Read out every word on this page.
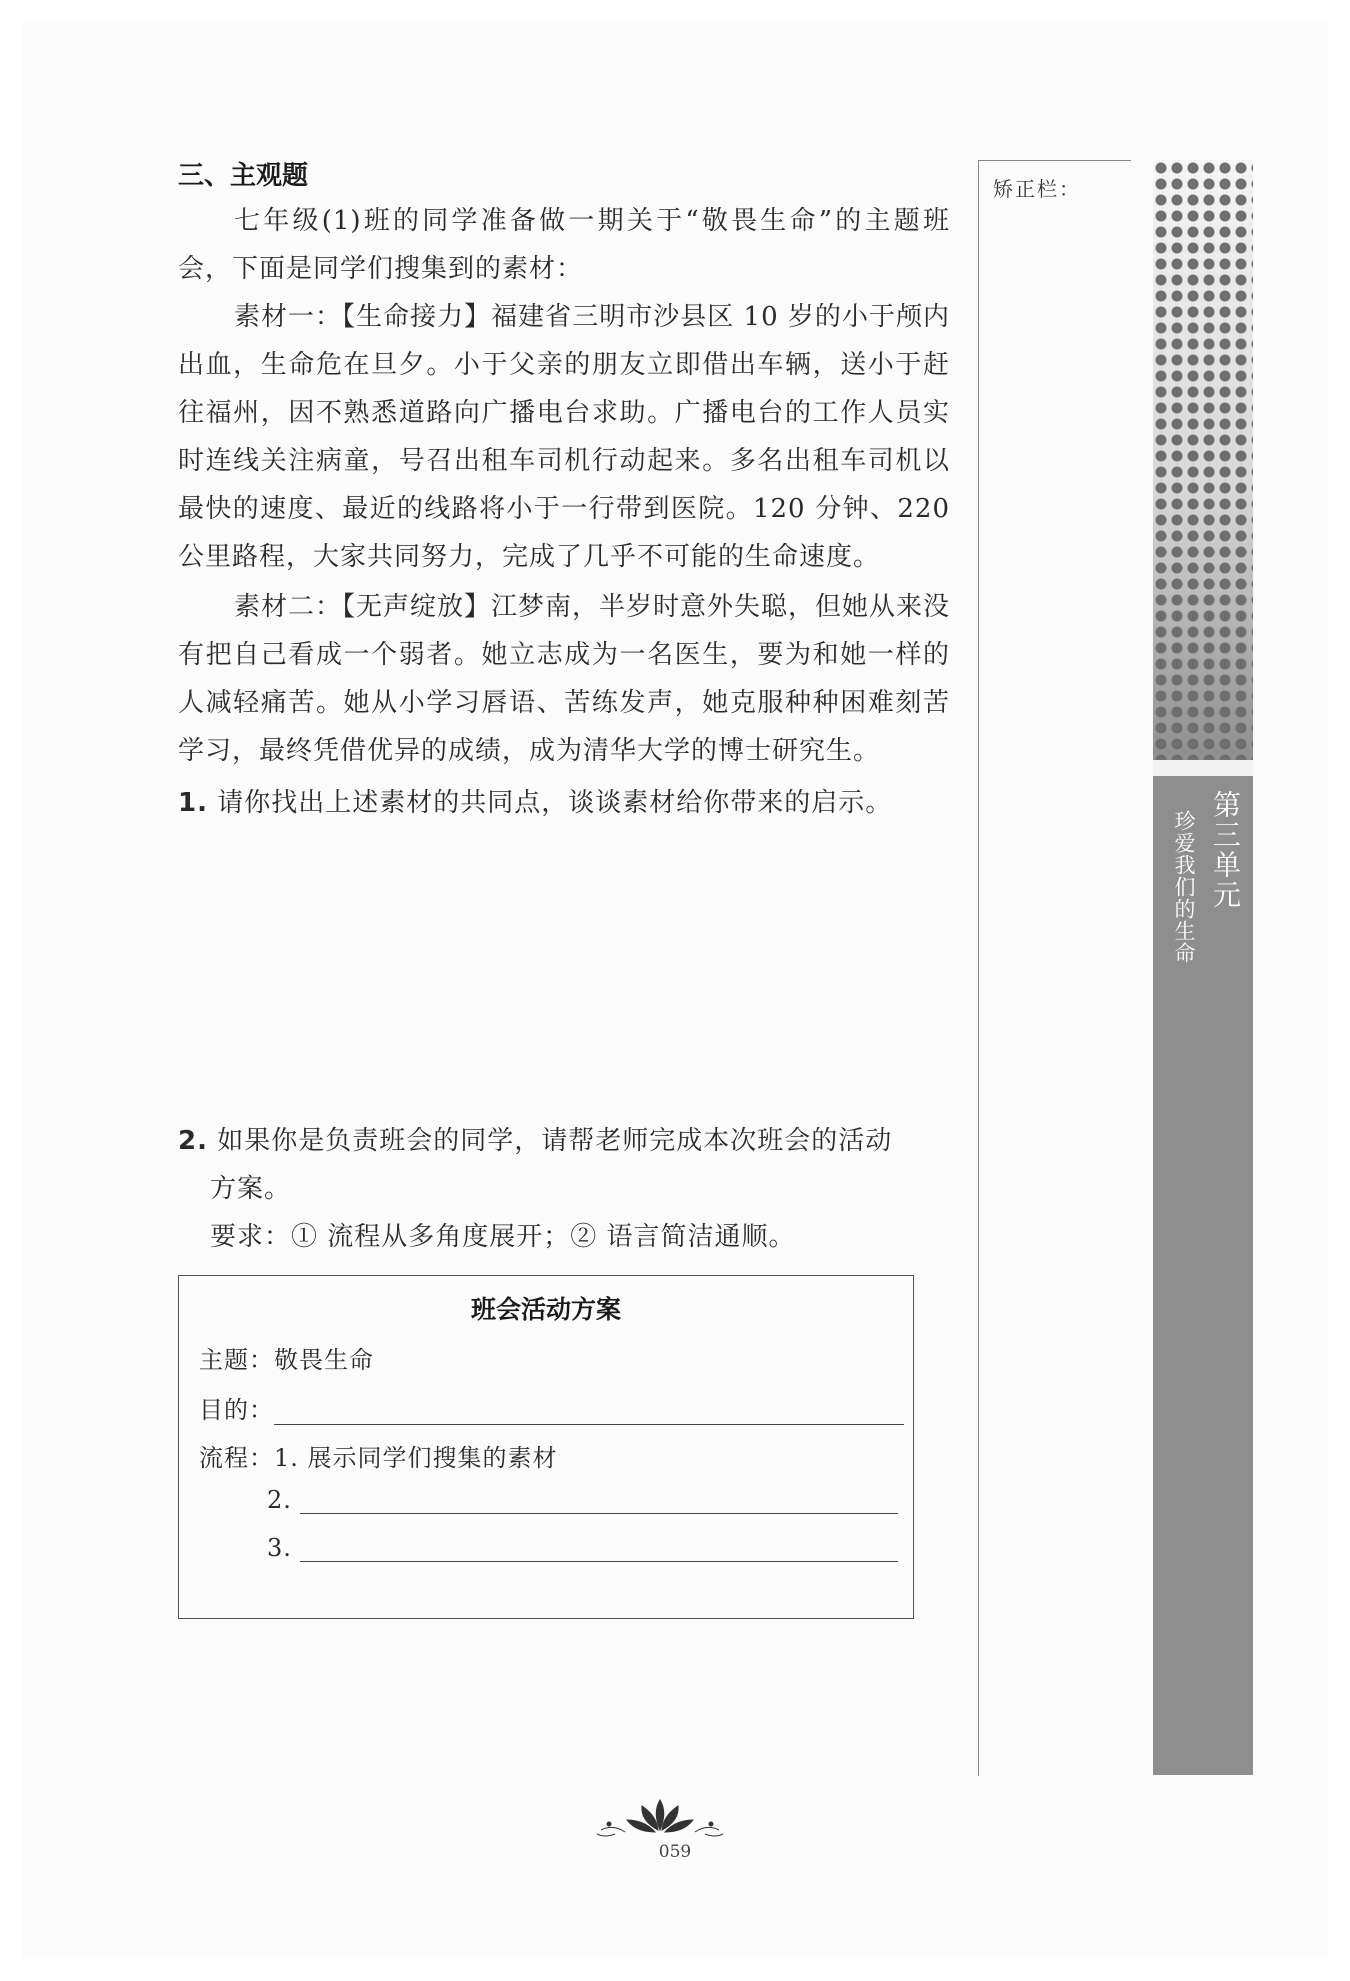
三、主观题

七年级(1)班的同学准备做一期关于“敬畏生命”的主题班会，下面是同学们搜集到的素材：

素材一：【生命接力】福建省三明市沙县区 10 岁的小于颅内出血，生命危在旦夕。小于父亲的朋友立即借出车辆，送小于赶往福州，因不熟悉道路向广播电台求助。广播电台的工作人员实时连线关注病童，号召出租车司机行动起来。多名出租车司机以最快的速度、最近的线路将小于一行带到医院。120 分钟、220 公里路程，大家共同努力，完成了几乎不可能的生命速度。

素材二：【无声绽放】江梦南，半岁时意外失聪，但她从来没有把自己看成一个弱者。她立志成为一名医生，要为和她一样的人减轻痛苦。她从小学习唇语、苦练发声，她克服种种困难刻苦学习，最终凭借优异的成绩，成为清华大学的博士研究生。

1. 请你找出上述素材的共同点，谈谈素材给你带来的启示。
2. 如果你是负责班会的同学，请帮老师完成本次班会的活动
方案。
要求：① 流程从多角度展开；② 语言简洁通顺。
班会活动方案
主题：敬畏生命
目的：
流程：1. 展示同学们搜集的素材
2.
3.
矫正栏：
第三单元
珍爱我们的生命
059
